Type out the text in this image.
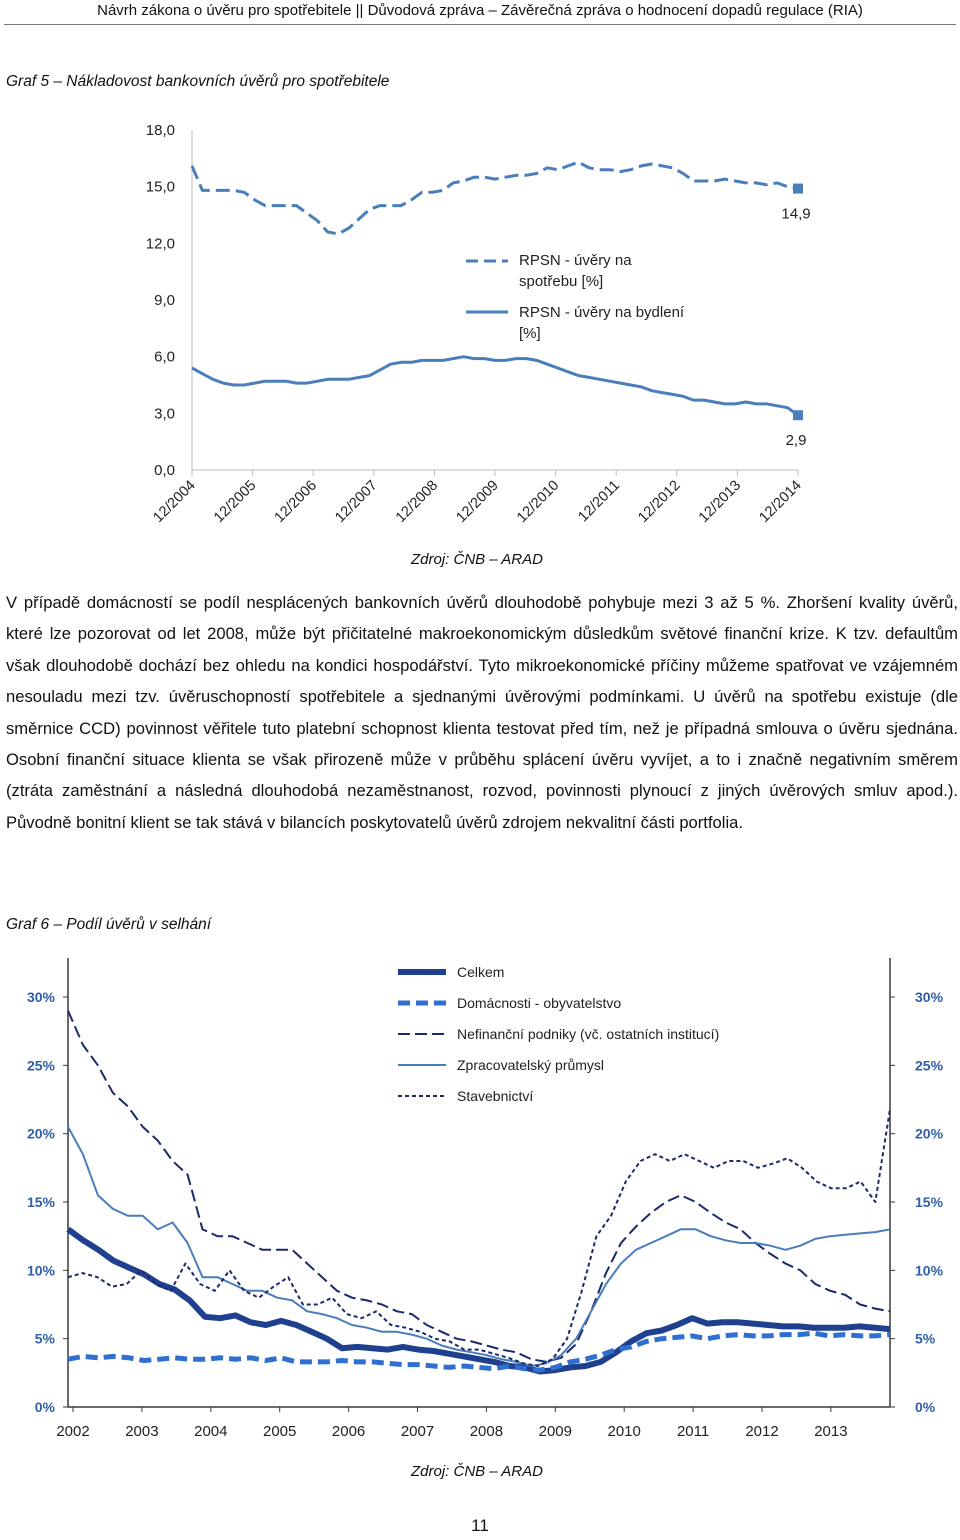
Návrh zákona o úvěru pro spotřebitele || Důvodová zpráva – Závěrečná zpráva o hodnocení dopadů regulace (RIA)
Graf 5 – Nákladovost bankovních úvěrů pro spotřebitele
0,0
3,0
6,0
9,0
12,0
15,0
18,0
12/2004 12/2005 12/2006 12/2007 12/2008 12/2009 12/2010 12/2011 12/2012 12/2013 12/2014
14,9
2,9
RPSN - úvěry na spotřebu [%]
RPSN - úvěry na bydlení [%]
Zdroj: ČNB – ARAD

V případě domácností se podíl nesplácených bankovních úvěrů dlouhodobě pohybuje mezi 3 až 5 %. Zhoršení kvality úvěrů, které lze pozorovat od let 2008, může být přičitatelné makroekonomickým důsledkům světové finanční krize. K tzv. defaultům však dlouhodobě dochází bez ohledu na kondici hospodářství. Tyto mikroekonomické příčiny můžeme spatřovat ve vzájemném nesouladu mezi tzv. úvěruschopností spotřebitele a sjednanými úvěrovými podmínkami. U úvěrů na spotřebu existuje (dle směrnice CCD) povinnost věřitele tuto platební schopnost klienta testovat před tím, než je případná smlouva o úvěru sjednána. Osobní finanční situace klienta se však přirozeně může v průběhu splácení úvěru vyvíjet, a to i značně negativním směrem (ztráta zaměstnání a následná dlouhodobá nezaměstnanost, rozvod, povinnosti plynoucí z jiných úvěrových smluv apod.). Původně bonitní klient se tak stává v bilancích poskytovatelů úvěrů zdrojem nekvalitní části portfolia.

Graf 6 – Podíl úvěrů v selhání
0%	0%
5%	5%
10%	10%
15%	15%
20%	20%
25%	25%
30%	30%
2002 2003 2004 2005 2006 2007 2008 2009 2010 2011 2012 2013
Celkem
Domácnosti - obyvatelstvo
Nefinanční podniky (vč. ostatních institucí)
Zpracovatelský průmysl
Stavebnictví
Zdroj: ČNB – ARAD
11
